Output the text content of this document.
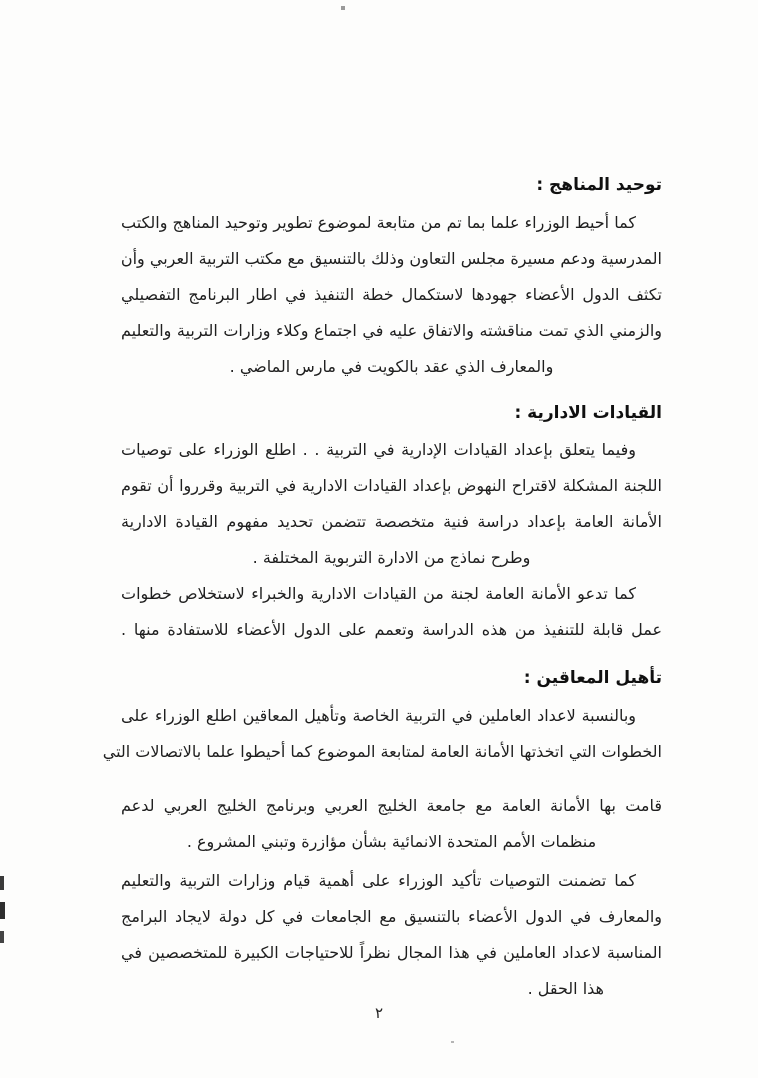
توحيد المناهج :
كما أحيط الوزراء علما بما تم من متابعة لموضوع تطوير وتوحيد المناهج والكتب
المدرسية ودعم مسيرة مجلس التعاون وذلك بالتنسيق مع مكتب التربية العربي وأن
تكثف الدول الأعضاء جهودها لاستكمال خطة التنفيذ في اطار البرنامج التفصيلي
والزمني الذي تمت مناقشته والاتفاق عليه في اجتماع وكلاء وزارات التربية والتعليم
والمعارف الذي عقد بالكويت في مارس الماضي .
القيادات الادارية :
وفيما يتعلق بإعداد القيادات الإدارية في التربية . . اطلع الوزراء على توصيات
اللجنة المشكلة لاقتراح النهوض بإعداد القيادات الادارية في التربية وقرروا أن تقوم
الأمانة العامة بإعداد دراسة فنية متخصصة تتضمن تحديد مفهوم القيادة الادارية
وطرح نماذج من الادارة التربوية المختلفة .
كما تدعو الأمانة العامة لجنة من القيادات الادارية والخبراء لاستخلاص خطوات
عمل قابلة للتنفيذ من هذه الدراسة وتعمم على الدول الأعضاء للاستفادة منها .
تأهيل المعاقين :
وبالنسبة لاعداد العاملين في التربية الخاصة وتأهيل المعاقين اطلع الوزراء على
الخطوات التي اتخذتها الأمانة العامة لمتابعة الموضوع كما أحيطوا علما بالاتصالات التي
قامت بها الأمانة العامة مع جامعة الخليج العربي وبرنامج الخليج العربي لدعم
منظمات الأمم المتحدة الانمائية بشأن مؤازرة وتبني المشروع .
كما تضمنت التوصيات تأكيد الوزراء على أهمية قيام وزارات التربية والتعليم
والمعارف في الدول الأعضاء بالتنسيق مع الجامعات في كل دولة لايجاد البرامج
المناسبة لاعداد العاملين في هذا المجال نظراً للاحتياجات الكبيرة للمتخصصين في
هذا الحقل .
٢
